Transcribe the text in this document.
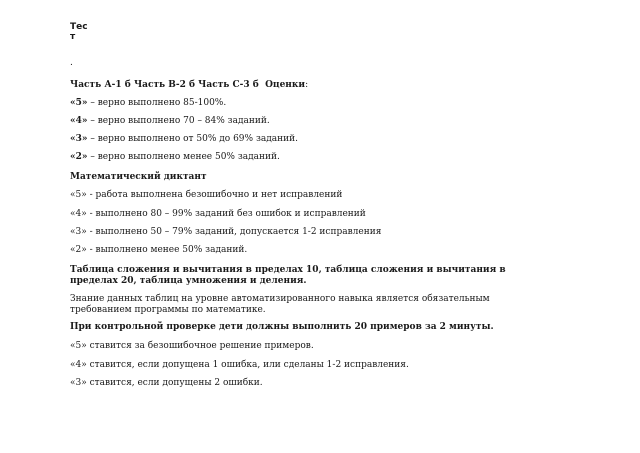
Тест
.
Часть А-1 б Часть В-2 б Часть С-3 б Оценки:
«5» – верно выполнено 85-100%.
«4» – верно выполнено 70 – 84% заданий.
«3» – верно выполнено от 50% до 69% заданий.
«2» – верно выполнено менее 50% заданий.
Математический диктант
«5» - работа выполнена безошибочно и нет исправлений
«4» - выполнено 80 – 99% заданий без ошибок и исправлений
«3» - выполнено 50 – 79% заданий, допускается 1-2 исправления
«2» - выполнено менее 50% заданий.
Таблица сложения и вычитания в пределах 10, таблица сложения и вычитания в пределах 20, таблица умножения и деления.
Знание данных таблиц на уровне автоматизированного навыка является обязательным требованием программы по математике.
При контрольной проверке дети должны выполнить 20 примеров за 2 минуты.
«5» ставится за безошибочное решение примеров.
«4» ставится, если допущена 1 ошибка, или сделаны 1-2 исправления.
«3» ставится, если допущены 2 ошибки.
